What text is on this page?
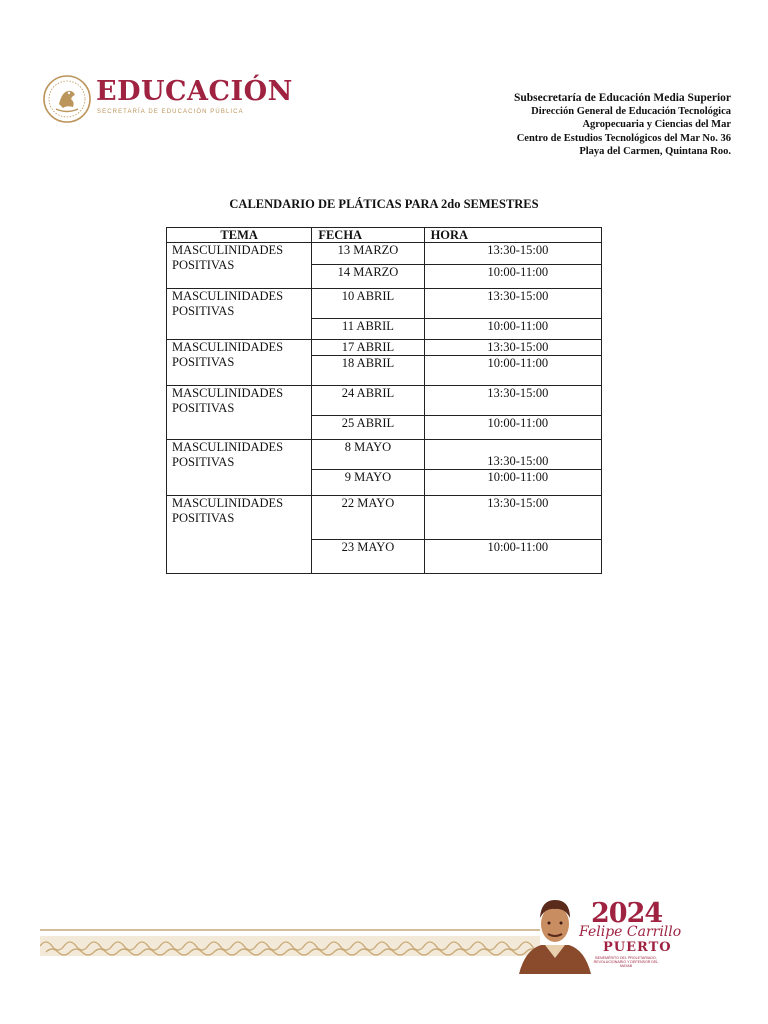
EDUCACIÓN
SECRETARÍA DE EDUCACIÓN PÚBLICA
Subsecretaría de Educación Media Superior
Dirección General de Educación Tecnológica
Agropecuaria y Ciencias del Mar
Centro de Estudios Tecnológicos del Mar No. 36
Playa del Carmen, Quintana Roo.
CALENDARIO DE PLÁTICAS PARA 2do SEMESTRES
TEMA	FECHA	HORA
MASCULINIDADES POSITIVAS	13 MARZO	13:30-15:00
	14 MARZO	10:00-11:00
MASCULINIDADES POSITIVAS	10 ABRIL	13:30-15:00
	11 ABRIL	10:00-11:00
MASCULINIDADES POSITIVAS	17 ABRIL	13:30-15:00
	18 ABRIL	10:00-11:00
MASCULINIDADES POSITIVAS	24 ABRIL	13:30-15:00
	25 ABRIL	10:00-11:00
MASCULINIDADES POSITIVAS	8 MAYO	13:30-15:00
	9 MAYO	10:00-11:00
MASCULINIDADES POSITIVAS	22 MAYO	13:30-15:00
	23 MAYO	10:00-11:00
2024
Felipe Carrillo
PUERTO
BENEMÉRITO DEL PROLETARIADO, REVOLUCIONARIO Y DEFENSOR DEL MAYAB
